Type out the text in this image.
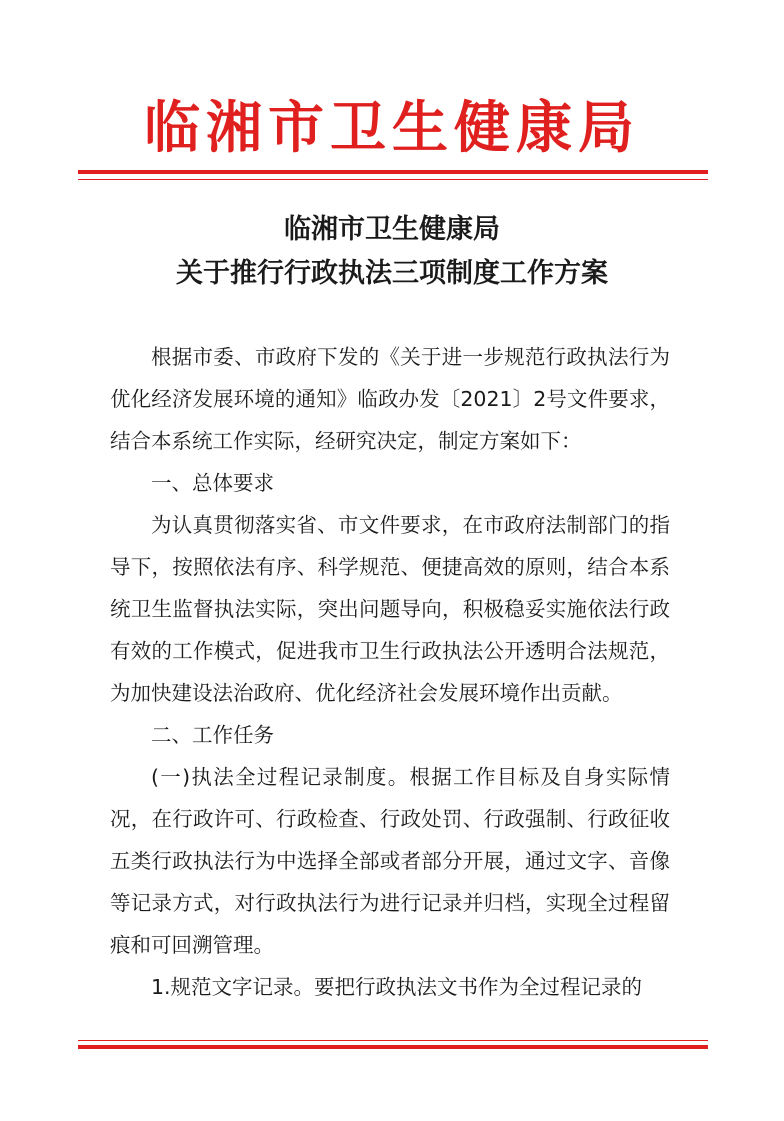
临湘市卫生健康局
临湘市卫生健康局
关于推行行政执法三项制度工作方案

根据市委、市政府下发的《关于进一步规范行政执法行为优化经济发展环境的通知》临政办发〔2021〕2号文件要求，结合本系统工作实际，经研究决定，制定方案如下：

一、总体要求

为认真贯彻落实省、市文件要求，在市政府法制部门的指导下，按照依法有序、科学规范、便捷高效的原则，结合本系统卫生监督执法实际，突出问题导向，积极稳妥实施依法行政有效的工作模式，促进我市卫生行政执法公开透明合法规范，为加快建设法治政府、优化经济社会发展环境作出贡献。

二、工作任务

(一)执法全过程记录制度。根据工作目标及自身实际情况，在行政许可、行政检查、行政处罚、行政强制、行政征收五类行政执法行为中选择全部或者部分开展，通过文字、音像等记录方式，对行政执法行为进行记录并归档，实现全过程留痕和可回溯管理。

1.规范文字记录。要把行政执法文书作为全过程记录的
